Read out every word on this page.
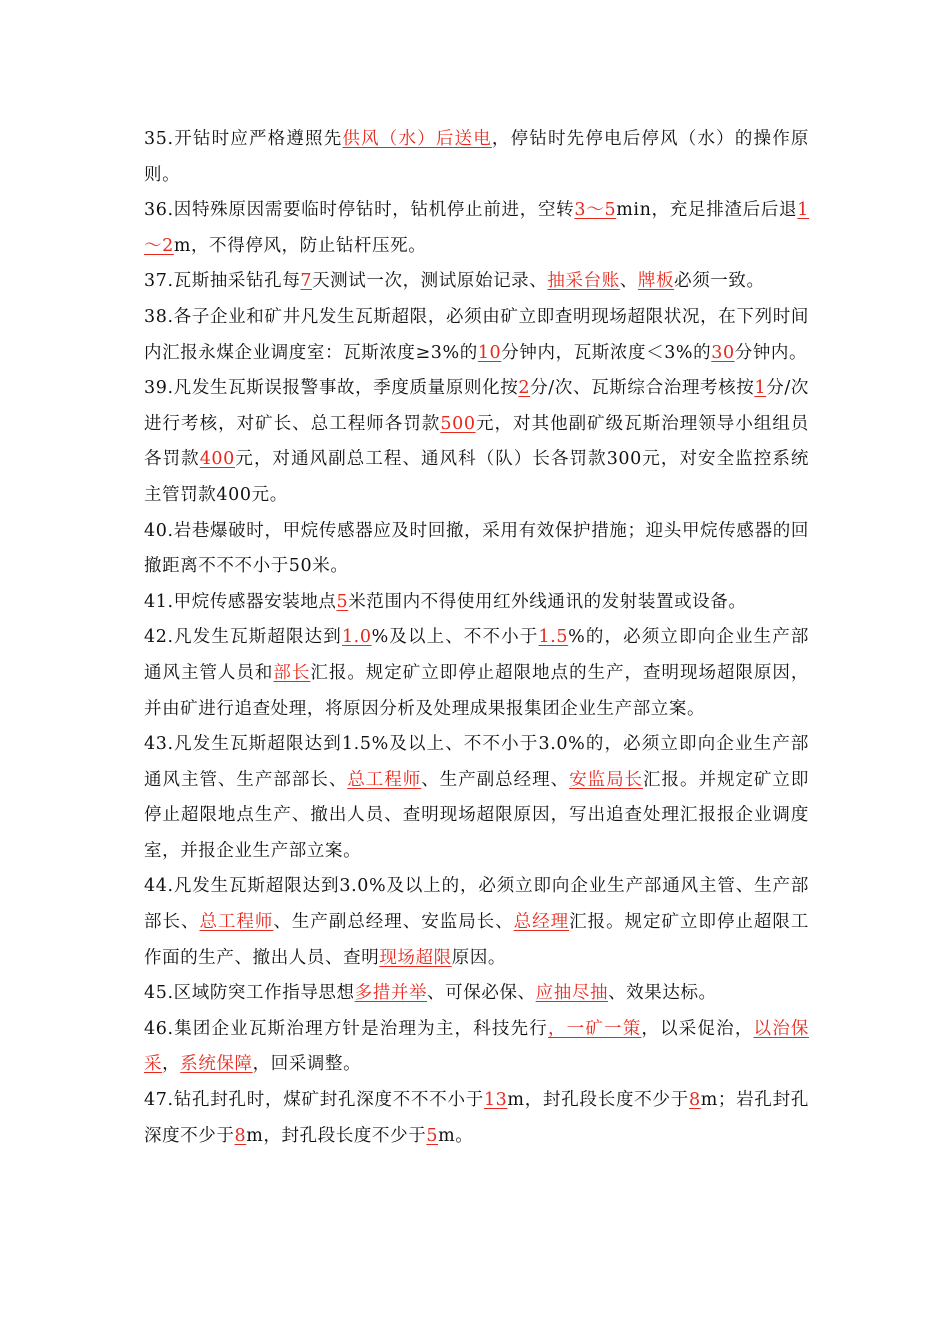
35.开钻时应严格遵照先供风（水）后送电，停钻时先停电后停风（水）的操作原则。

36.因特殊原因需要临时停钻时，钻机停止前进，空转3～5min，充足排渣后后退1～2m，不得停风，防止钻杆压死。

37.瓦斯抽采钻孔每7天测试一次，测试原始记录、抽采台账、牌板必须一致。

38.各子企业和矿井凡发生瓦斯超限，必须由矿立即查明现场超限状况，在下列时间内汇报永煤企业调度室：瓦斯浓度≥3%的10分钟内，瓦斯浓度＜3%的30分钟内。

39.凡发生瓦斯误报警事故，季度质量原则化按2分/次、瓦斯综合治理考核按1分/次进行考核，对矿长、总工程师各罚款500元，对其他副矿级瓦斯治理领导小组组员各罚款400元，对通风副总工程、通风科（队）长各罚款300元，对安全监控系统主管罚款400元。

40.岩巷爆破时，甲烷传感器应及时回撤，采用有效保护措施；迎头甲烷传感器的回撤距离不不不小于50米。

41.甲烷传感器安装地点5米范围内不得使用红外线通讯的发射装置或设备。

42.凡发生瓦斯超限达到1.0%及以上、不不小于1.5%的，必须立即向企业生产部通风主管人员和部长汇报。规定矿立即停止超限地点的生产，查明现场超限原因，并由矿进行追查处理，将原因分析及处理成果报集团企业生产部立案。

43.凡发生瓦斯超限达到1.5%及以上、不不小于3.0%的，必须立即向企业生产部通风主管、生产部部长、总工程师、生产副总经理、安监局长汇报。并规定矿立即停止超限地点生产、撤出人员、查明现场超限原因，写出追查处理汇报报企业调度室，并报企业生产部立案。

44.凡发生瓦斯超限达到3.0%及以上的，必须立即向企业生产部通风主管、生产部部长、总工程师、生产副总经理、安监局长、总经理汇报。规定矿立即停止超限工作面的生产、撤出人员、查明现场超限原因。

45.区域防突工作指导思想多措并举、可保必保、应抽尽抽、效果达标。

46.集团企业瓦斯治理方针是治理为主，科技先行，一矿一策，以采促治，以治保采，系统保障，回采调整。

47.钻孔封孔时，煤矿封孔深度不不不小于13m，封孔段长度不少于8m；岩孔封孔深度不少于8m，封孔段长度不少于5m。
